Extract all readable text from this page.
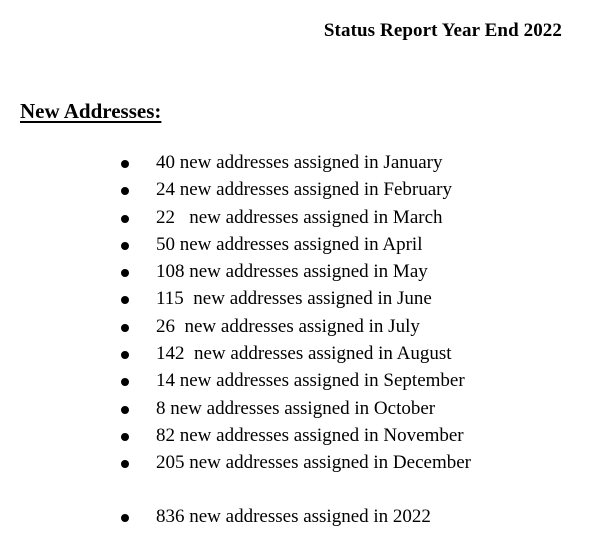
Status Report Year End 2022
New Addresses:
40 new addresses assigned in January
24 new addresses assigned in February
22   new addresses assigned in March
50 new addresses assigned in April
108 new addresses assigned in May
115  new addresses assigned in June
26  new addresses assigned in July
142  new addresses assigned in August
14 new addresses assigned in September
8 new addresses assigned in October
82 new addresses assigned in November
205 new addresses assigned in December
836 new addresses assigned in 2022
